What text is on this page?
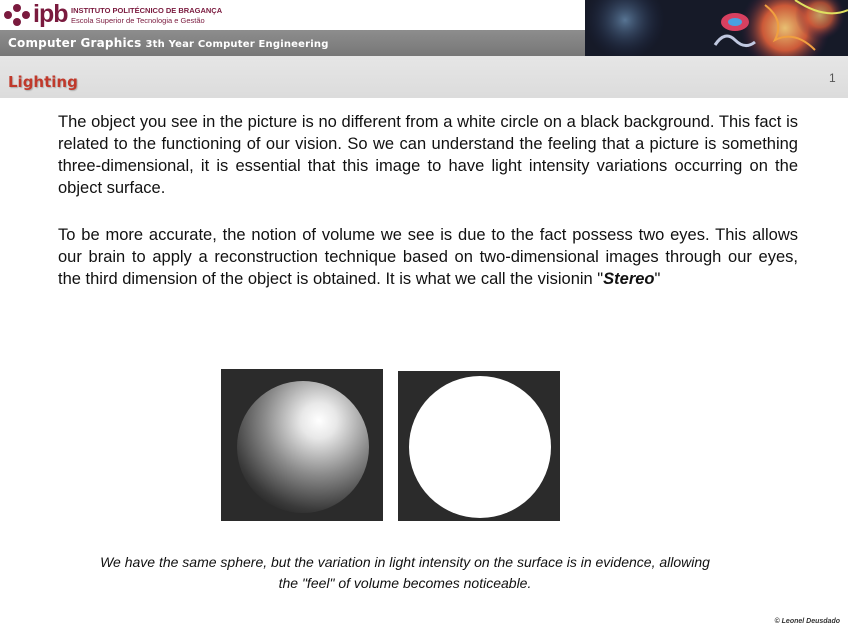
ipb INSTITUTO POLITÉCNICO DE BRAGANÇA
Escola Superior de Tecnologia e Gestão
Computer Graphics 3th Year Computer Engineering
Lighting	1

The object you see in the picture is no different from a white circle on a black background. This fact is related to the functioning of our vision. So we can understand the feeling that a picture is something three-dimensional, it is essential that this image to have light intensity variations occurring on the object surface.

To be more accurate, the notion of volume we see is due to the fact possess two eyes. This allows our brain to apply a reconstruction technique based on two-dimensional images through our eyes, the third dimension of the object is obtained. It is what we call the visionin "Stereo"

We have the same sphere, but the variation in light intensity on the surface is in evidence, allowing the "feel" of volume becomes noticeable.

© Leonel Deusdado
